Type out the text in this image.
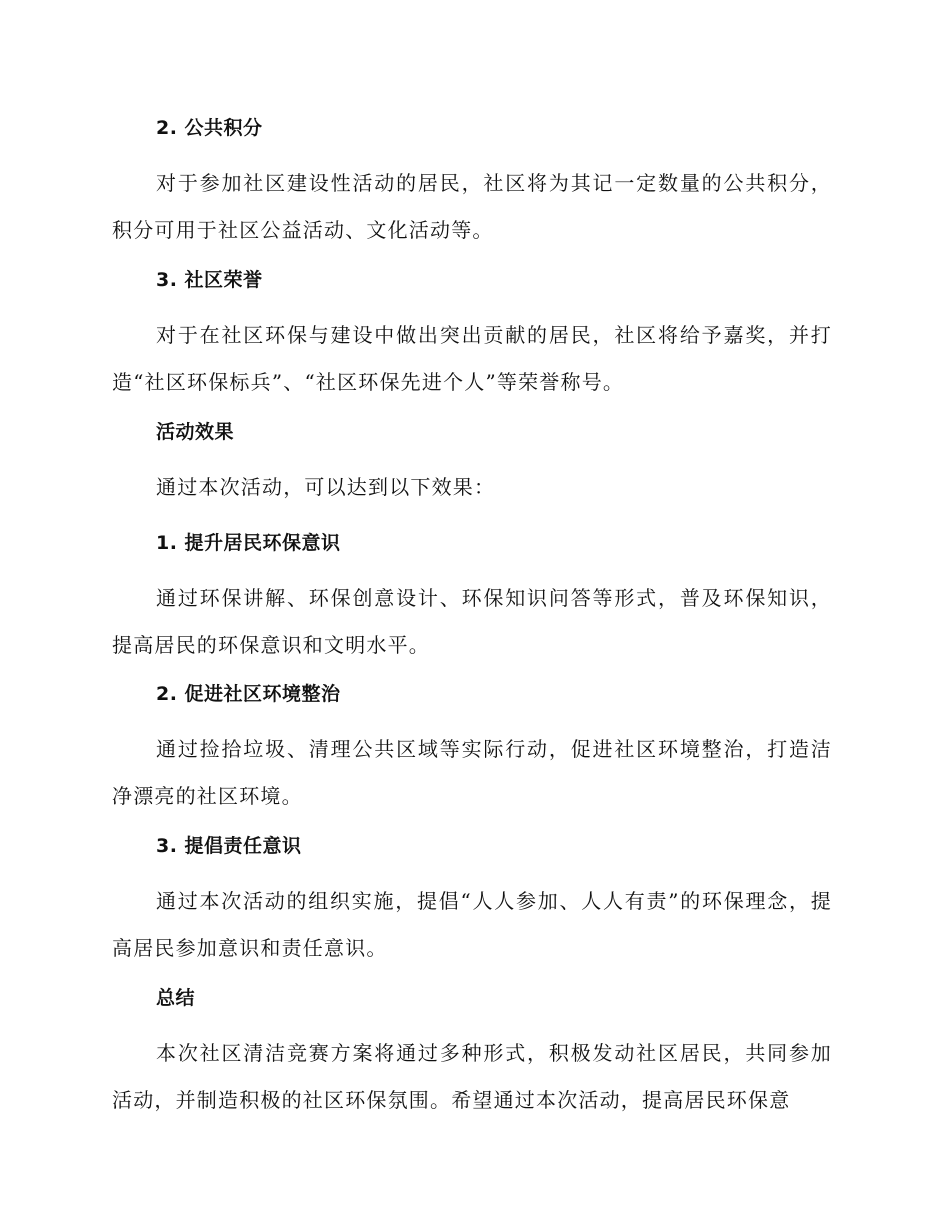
2. 公共积分
对于参加社区建设性活动的居民，社区将为其记一定数量的公共积分，积分可用于社区公益活动、文化活动等。
3. 社区荣誉
对于在社区环保与建设中做出突出贡献的居民，社区将给予嘉奖，并打造“社区环保标兵”、“社区环保先进个人”等荣誉称号。
活动效果
通过本次活动，可以达到以下效果：
1. 提升居民环保意识
通过环保讲解、环保创意设计、环保知识问答等形式，普及环保知识，提高居民的环保意识和文明水平。
2. 促进社区环境整治
通过捡拾垃圾、清理公共区域等实际行动，促进社区环境整治，打造洁净漂亮的社区环境。
3. 提倡责任意识
通过本次活动的组织实施，提倡“人人参加、人人有责”的环保理念，提高居民参加意识和责任意识。
总结
本次社区清洁竞赛方案将通过多种形式，积极发动社区居民，共同参加活动，并制造积极的社区环保氛围。希望通过本次活动，提高居民环保意
